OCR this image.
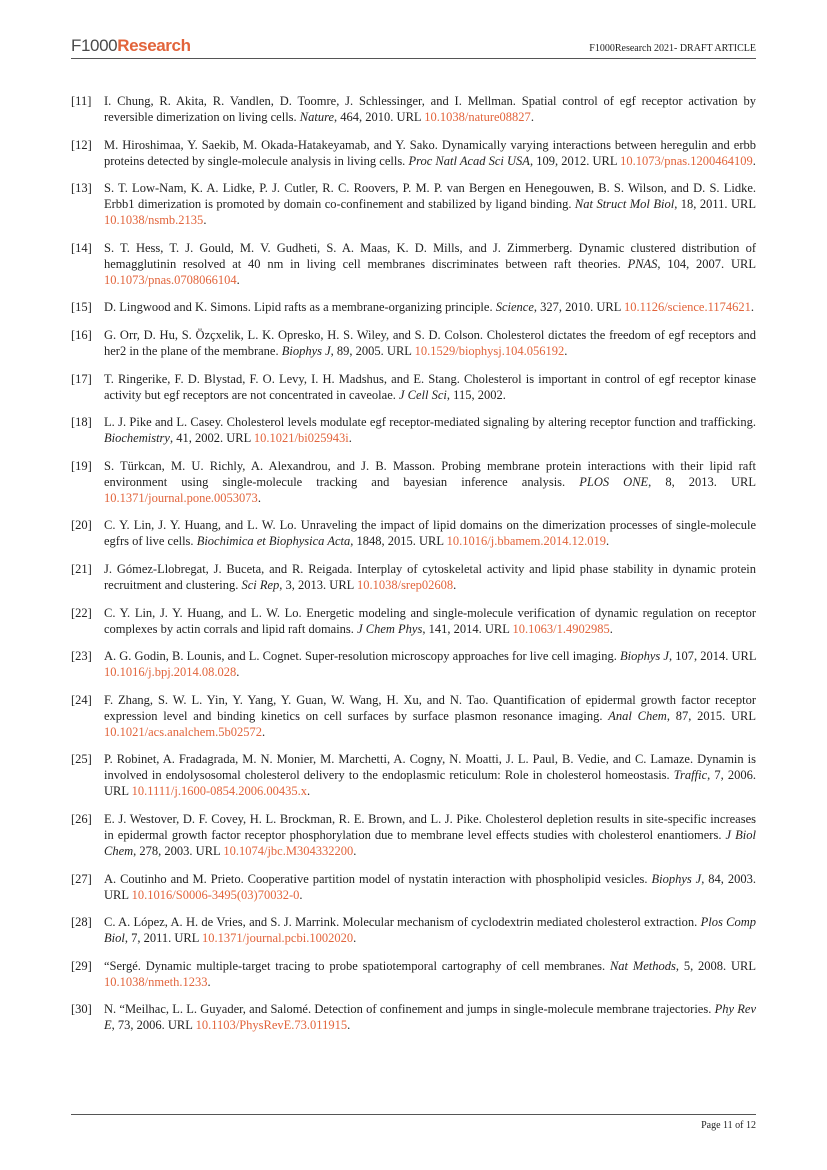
F1000Research	F1000Research 2021- DRAFT ARTICLE
[11]	I. Chung, R. Akita, R. Vandlen, D. Toomre, J. Schlessinger, and I. Mellman. Spatial control of egf receptor activation by reversible dimerization on living cells. Nature, 464, 2010. URL 10.1038/nature08827.
[12] M. Hiroshimaa, Y. Saekib, M. Okada-Hatakeyamab, and Y. Sako. Dynamically varying interactions between heregulin and erbb proteins detected by single-molecule analysis in living cells. Proc Natl Acad Sci USA, 109, 2012. URL 10.1073/pnas.1200464109.
[13] S. T. Low-Nam, K. A. Lidke, P. J. Cutler, R. C. Roovers, P. M. P. van Bergen en Henegouwen, B. S. Wilson, and D. S. Lidke. Erbb1 dimerization is promoted by domain co-confinement and stabilized by ligand binding. Nat Struct Mol Biol, 18, 2011. URL 10.1038/nsmb.2135.
[14] S. T. Hess, T. J. Gould, M. V. Gudheti, S. A. Maas, K. D. Mills, and J. Zimmerberg. Dynamic clustered distribution of hemagglutinin resolved at 40 nm in living cell membranes discriminates between raft theories. PNAS, 104, 2007. URL 10.1073/pnas.0708066104.
[15] D. Lingwood and K. Simons. Lipid rafts as a membrane-organizing principle. Science, 327, 2010. URL 10.1126/science.1174621.
[16] G. Orr, D. Hu, S. Özçxelik, L. K. Opresko, H. S. Wiley, and S. D. Colson. Cholesterol dictates the freedom of egf receptors and her2 in the plane of the membrane. Biophys J, 89, 2005. URL 10.1529/biophysj.104.056192.
[17] T. Ringerike, F. D. Blystad, F. O. Levy, I. H. Madshus, and E. Stang. Cholesterol is important in control of egf receptor kinase activity but egf receptors are not concentrated in caveolae. J Cell Sci, 115, 2002.
[18] L. J. Pike and L. Casey. Cholesterol levels modulate egf receptor-mediated signaling by altering receptor function and trafficking. Biochemistry, 41, 2002. URL 10.1021/bi025943i.
[19] S. Türkcan, M. U. Richly, A. Alexandrou, and J. B. Masson. Probing membrane protein interactions with their lipid raft environment using single-molecule tracking and bayesian inference analysis. PLOS ONE, 8, 2013. URL 10.1371/journal.pone.0053073.
[20] C. Y. Lin, J. Y. Huang, and L. W. Lo. Unraveling the impact of lipid domains on the dimerization processes of single-molecule egfrs of live cells. Biochimica et Biophysica Acta, 1848, 2015. URL 10.1016/j.bbamem.2014.12.019.
[21] J. Gómez-Llobregat, J. Buceta, and R. Reigada. Interplay of cytoskeletal activity and lipid phase stability in dynamic protein recruitment and clustering. Sci Rep, 3, 2013. URL 10.1038/srep02608.
[22] C. Y. Lin, J. Y. Huang, and L. W. Lo. Energetic modeling and single-molecule verification of dynamic regulation on receptor complexes by actin corrals and lipid raft domains. J Chem Phys, 141, 2014. URL 10.1063/1.4902985.
[23] A. G. Godin, B. Lounis, and L. Cognet. Super-resolution microscopy approaches for live cell imaging. Biophys J, 107, 2014. URL 10.1016/j.bpj.2014.08.028.
[24] F. Zhang, S. W. L. Yin, Y. Yang, Y. Guan, W. Wang, H. Xu, and N. Tao. Quantification of epidermal growth factor receptor expression level and binding kinetics on cell surfaces by surface plasmon resonance imaging. Anal Chem, 87, 2015. URL 10.1021/acs.analchem.5b02572.
[25] P. Robinet, A. Fradagrada, M. N. Monier, M. Marchetti, A. Cogny, N. Moatti, J. L. Paul, B. Vedie, and C. Lamaze. Dynamin is involved in endolysosomal cholesterol delivery to the endoplasmic reticulum: Role in cholesterol homeostasis. Traffic, 7, 2006. URL 10.1111/j.1600-0854.2006.00435.x.
[26] E. J. Westover, D. F. Covey, H. L. Brockman, R. E. Brown, and L. J. Pike. Cholesterol depletion results in site-specific increases in epidermal growth factor receptor phosphorylation due to membrane level effects studies with cholesterol enantiomers. J Biol Chem, 278, 2003. URL 10.1074/jbc.M304332200.
[27] A. Coutinho and M. Prieto. Cooperative partition model of nystatin interaction with phospholipid vesicles. Biophys J, 84, 2003. URL 10.1016/S0006-3495(03)70032-0.
[28] C. A. López, A. H. de Vries, and S. J. Marrink. Molecular mechanism of cyclodextrin mediated cholesterol extraction. Plos Comp Biol, 7, 2011. URL 10.1371/journal.pcbi.1002020.
[29] “Sergé. Dynamic multiple-target tracing to probe spatiotemporal cartography of cell membranes. Nat Methods, 5, 2008. URL 10.1038/nmeth.1233.
[30] N. “Meilhac, L. L. Guyader, and Salomé. Detection of confinement and jumps in single-molecule membrane trajectories. Phy Rev E, 73, 2006. URL 10.1103/PhysRevE.73.011915.
Page 11 of 12
